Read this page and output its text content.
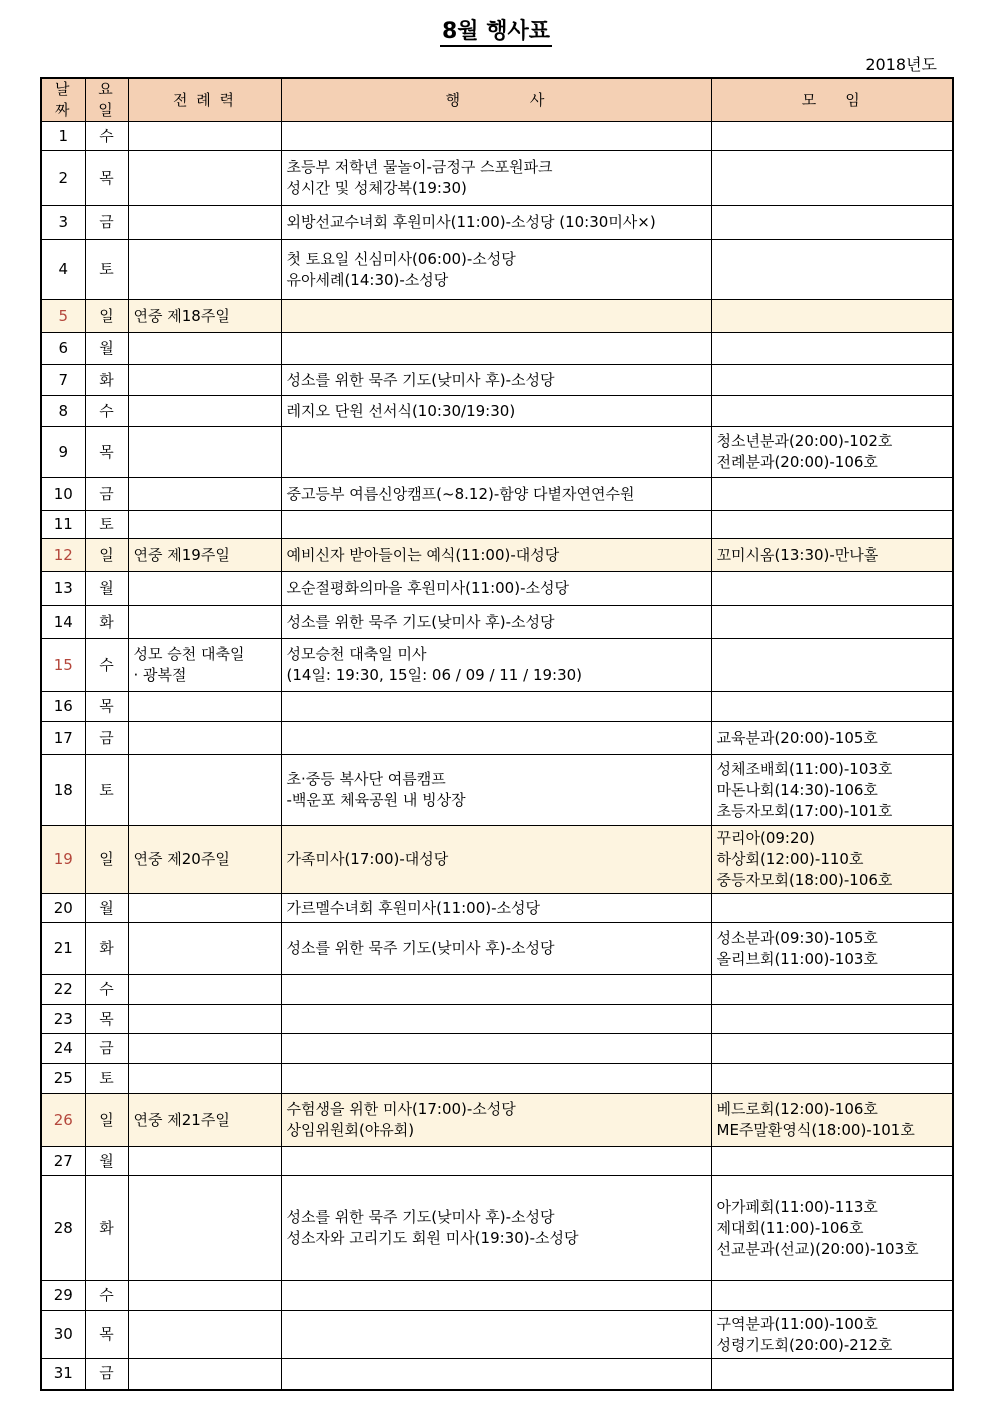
8월 행사표
2018년도
날짜	요일	전 례 력	행          사	모    임
1	수			
2	목		초등부 저학년 물놀이-금정구 스포원파크
성시간 및 성체강복(19:30)	
3	금		외방선교수녀회 후원미사(11:00)-소성당 (10:30미사×)	
4	토		첫 토요일 신심미사(06:00)-소성당
유아세례(14:30)-소성당	
5	일	연중 제18주일		
6	월			
7	화		성소를 위한 묵주 기도(낮미사 후)-소성당	
8	수		레지오 단원 선서식(10:30/19:30)	
9	목			청소년분과(20:00)-102호
전례분과(20:00)-106호
10	금		중고등부 여름신앙캠프(~8.12)-함양 다볕자연연수원	
11	토			
12	일	연중 제19주일	예비신자 받아들이는 예식(11:00)-대성당	꼬미시옴(13:30)-만나홀
13	월		오순절평화의마을 후원미사(11:00)-소성당	
14	화		성소를 위한 묵주 기도(낮미사 후)-소성당	
15	수	성모 승천 대축일
· 광복절	성모승천 대축일 미사
(14일: 19:30, 15일: 06 / 09 / 11 / 19:30)	
16	목			
17	금			교육분과(20:00)-105호
18	토		초·중등 복사단 여름캠프
-백운포 체육공원 내 빙상장	성체조배회(11:00)-103호
마돈나회(14:30)-106호
초등자모회(17:00)-101호
19	일	연중 제20주일	가족미사(17:00)-대성당	꾸리아(09:20)
하상회(12:00)-110호
중등자모회(18:00)-106호
20	월		가르멜수녀회 후원미사(11:00)-소성당	
21	화		성소를 위한 묵주 기도(낮미사 후)-소성당	성소분과(09:30)-105호
올리브회(11:00)-103호
22	수			
23	목			
24	금			
25	토			
26	일	연중 제21주일	수험생을 위한 미사(17:00)-소성당
상임위원회(야유회)	베드로회(12:00)-106호
ME주말환영식(18:00)-101호
27	월			
28	화		성소를 위한 묵주 기도(낮미사 후)-소성당
성소자와 고리기도 회원 미사(19:30)-소성당	아가페회(11:00)-113호
제대회(11:00)-106호
선교분과(선교)(20:00)-103호
29	수			
30	목			구역분과(11:00)-100호
성령기도회(20:00)-212호
31	금			
